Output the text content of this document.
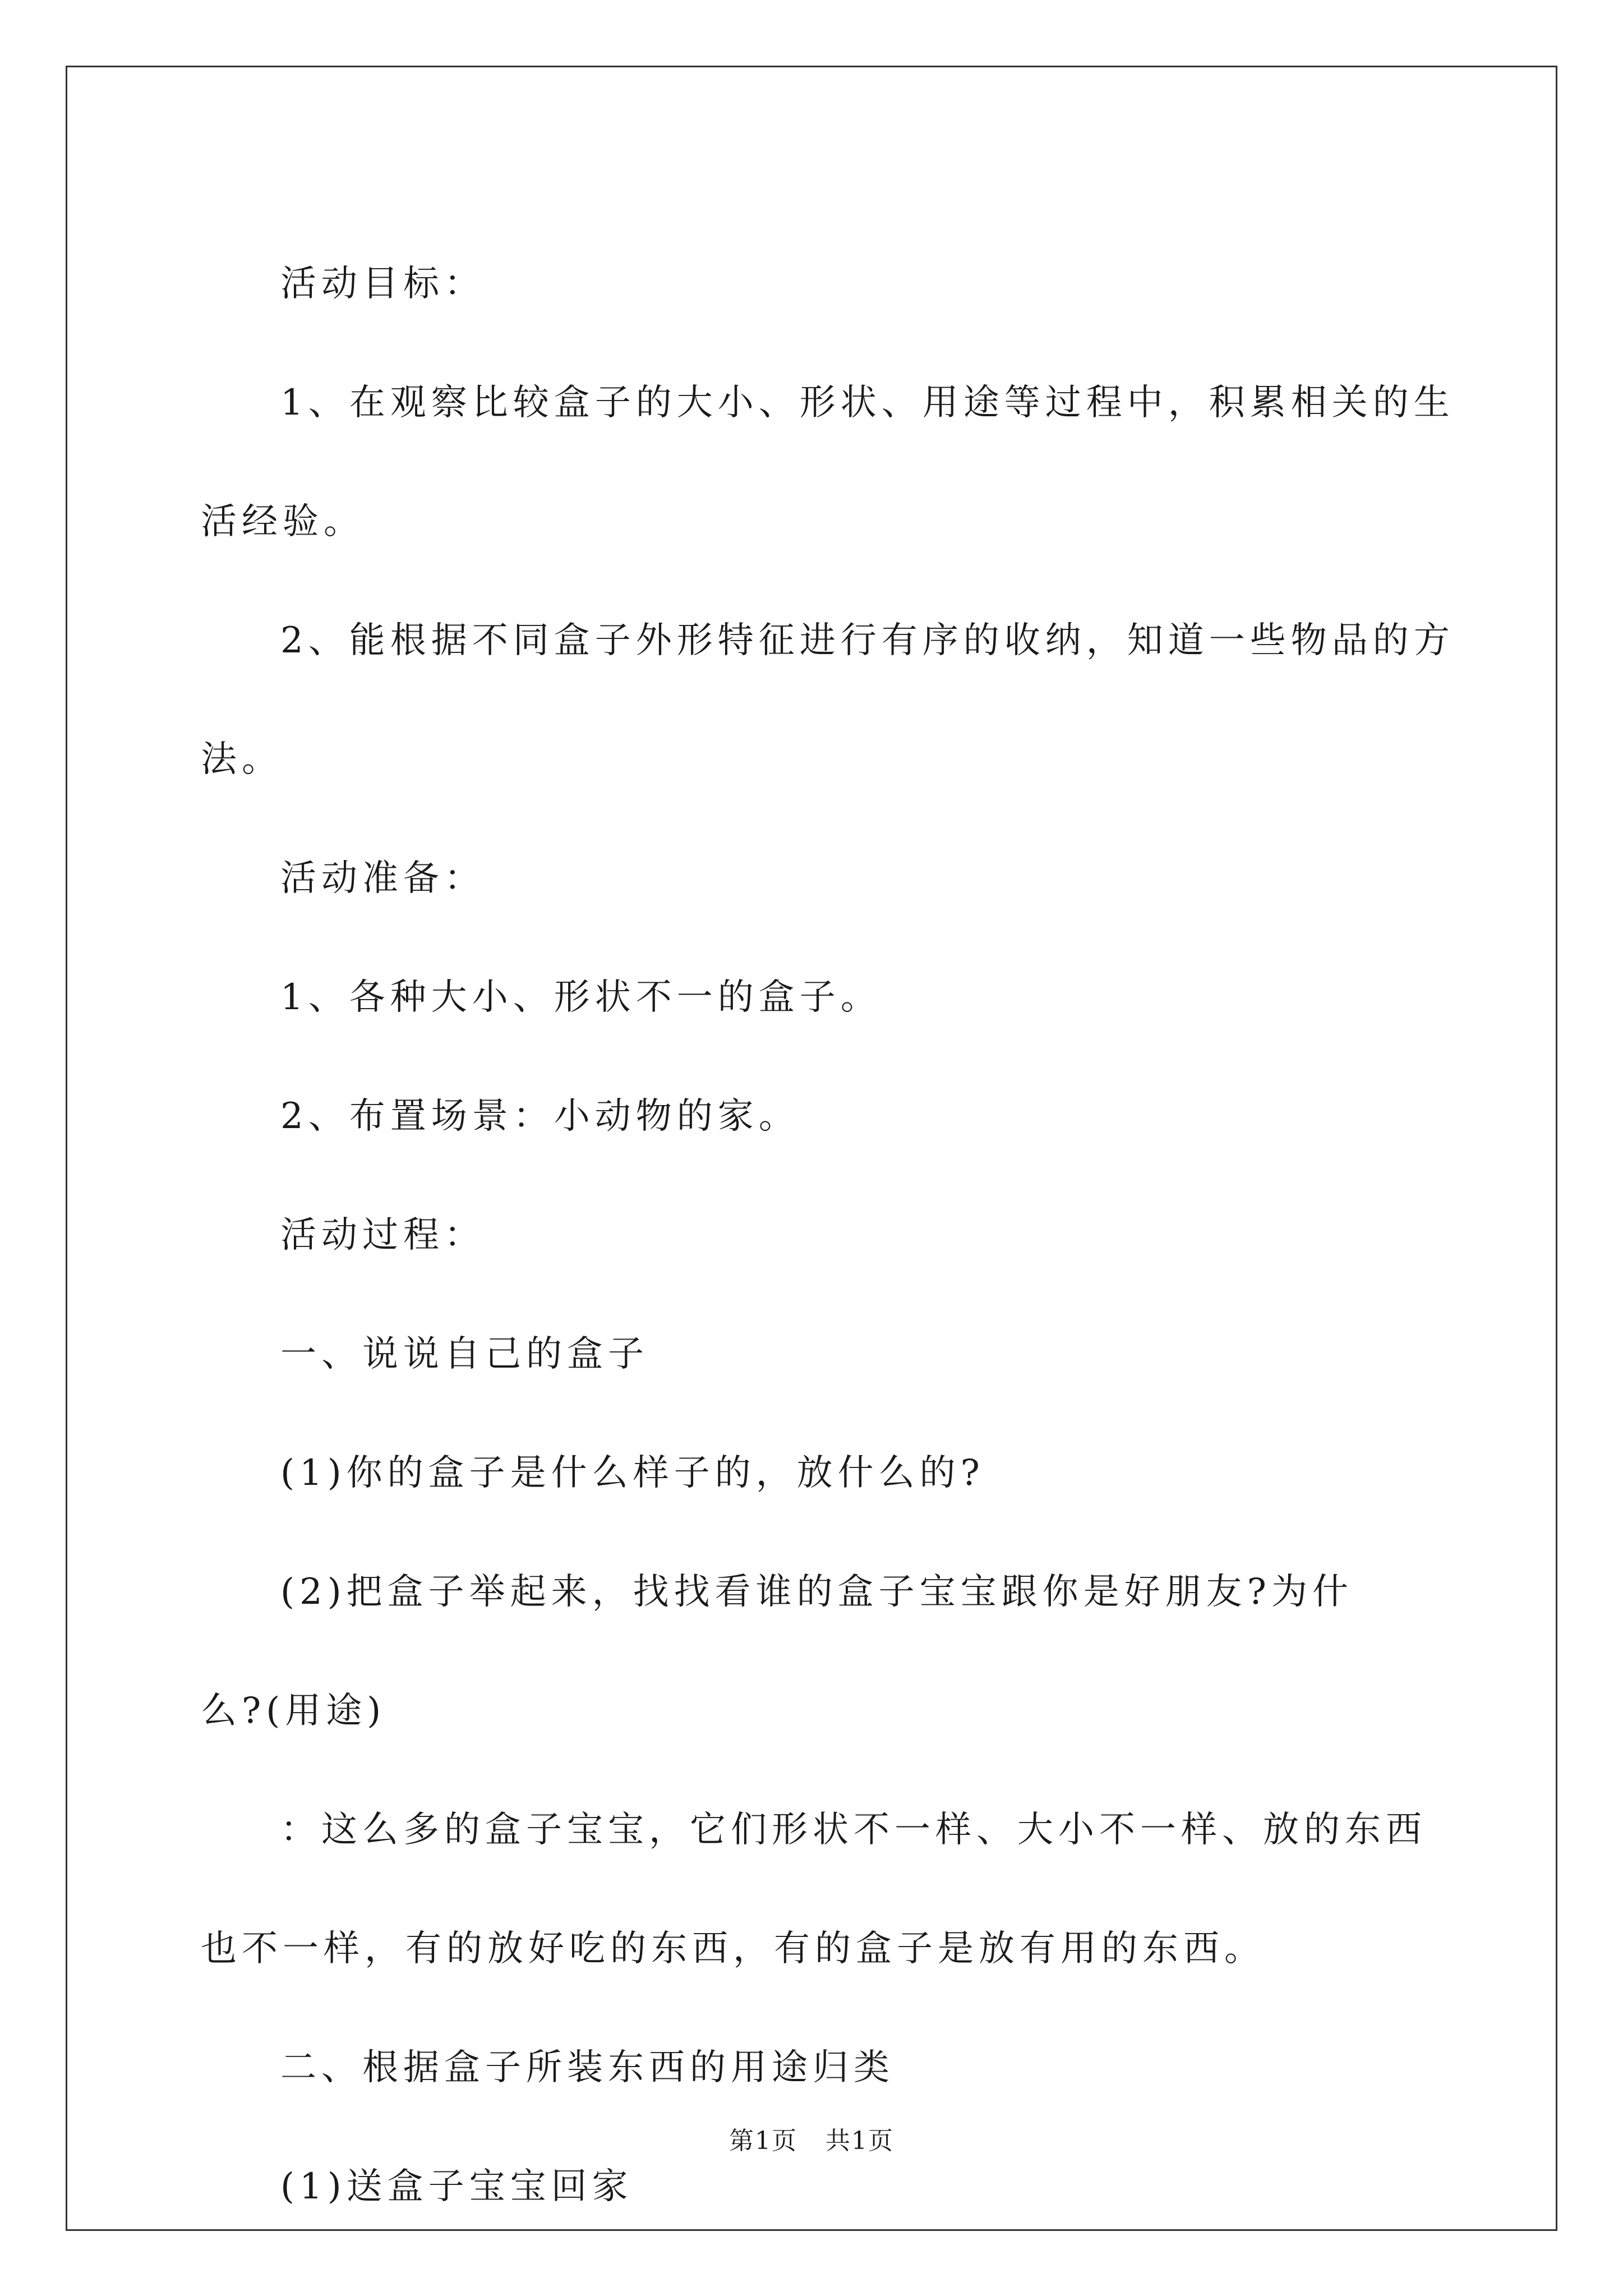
活动目标：

1、在观察比较盒子的大小、形状、用途等过程中，积累相关的生

活经验。

2、能根据不同盒子外形特征进行有序的收纳，知道一些物品的方

法。

活动准备：

1、各种大小、形状不一的盒子。

2、布置场景：小动物的家。

活动过程：

一、说说自己的盒子

(1)你的盒子是什么样子的，放什么的?

(2)把盒子举起来，找找看谁的盒子宝宝跟你是好朋友?为什

么?(用途)

：这么多的盒子宝宝，它们形状不一样、大小不一样、放的东西

也不一样，有的放好吃的东西，有的盒子是放有用的东西。

二、根据盒子所装东西的用途归类

(1)送盒子宝宝回家

第1页 共1页
